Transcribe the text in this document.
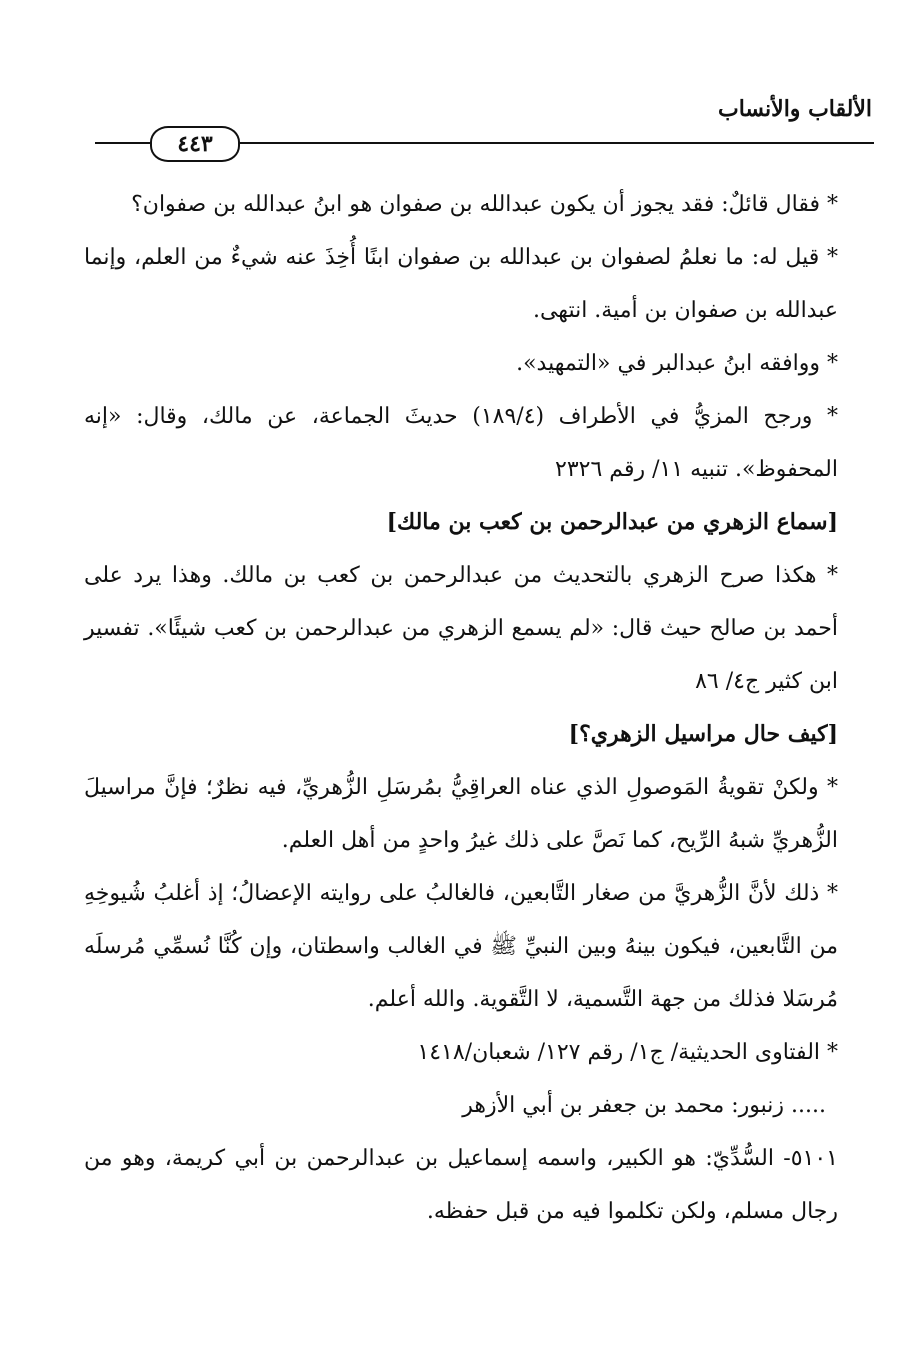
الألقاب والأنساب
٤٤٣

* فقال قائلٌ: فقد يجوز أن يكون عبدالله بن صفوان هو ابنُ عبدالله بن صفوان؟

* قيل له: ما نعلمُ لصفوان بن عبدالله بن صفوان ابنًا أُخِذَ عنه شيءٌ من العلم، وإنما عبدالله بن صفوان بن أمية. انتهى.

* ووافقه ابنُ عبدالبر في «التمهيد».

* ورجح المزيُّ في الأطراف (١٨٩/٤) حديثَ الجماعة، عن مالك، وقال: «إنه المحفوظ». تنبيه ١١/ رقم ٢٣٢٦

[سماع الزهري من عبدالرحمن بن كعب بن مالك]

* هكذا صرح الزهري بالتحديث من عبدالرحمن بن كعب بن مالك. وهذا يرد على أحمد بن صالح حيث قال: «لم يسمع الزهري من عبدالرحمن بن كعب شيئًا». تفسير ابن كثير ج٤/ ٨٦

[كيف حال مراسيل الزهري؟]

* ولكنْ تقويةُ المَوصولِ الذي عناه العراقِيُّ بمُرسَلِ الزُّهريِّ، فيه نظرٌ؛ فإنَّ مراسيلَ الزُّهريِّ شبهُ الرِّيح، كما نَصَّ على ذلك غيرُ واحدٍ من أهل العلم.

* ذلك لأنَّ الزُّهريَّ من صغار التَّابعين، فالغالبُ على روايته الإعضالُ؛ إذ أغلبُ شُيوخِهِ من التَّابعين، فيكون بينهُ وبين النبيِّ ﷺ في الغالب واسطتان، وإن كُنَّا نُسمِّي مُرسلَه مُرسَلا فذلك من جهة التَّسمية، لا التَّقوية. والله أعلم.

* الفتاوى الحديثية/ ج١/ رقم ١٢٧/ شعبان/١٤١٨

..... زنبور: محمد بن جعفر بن أبي الأزهر

٥١٠١- السُّدِّيّ: هو الكبير، واسمه إسماعيل بن عبدالرحمن بن أبي كريمة، وهو من رجال مسلم، ولكن تكلموا فيه من قبل حفظه.
